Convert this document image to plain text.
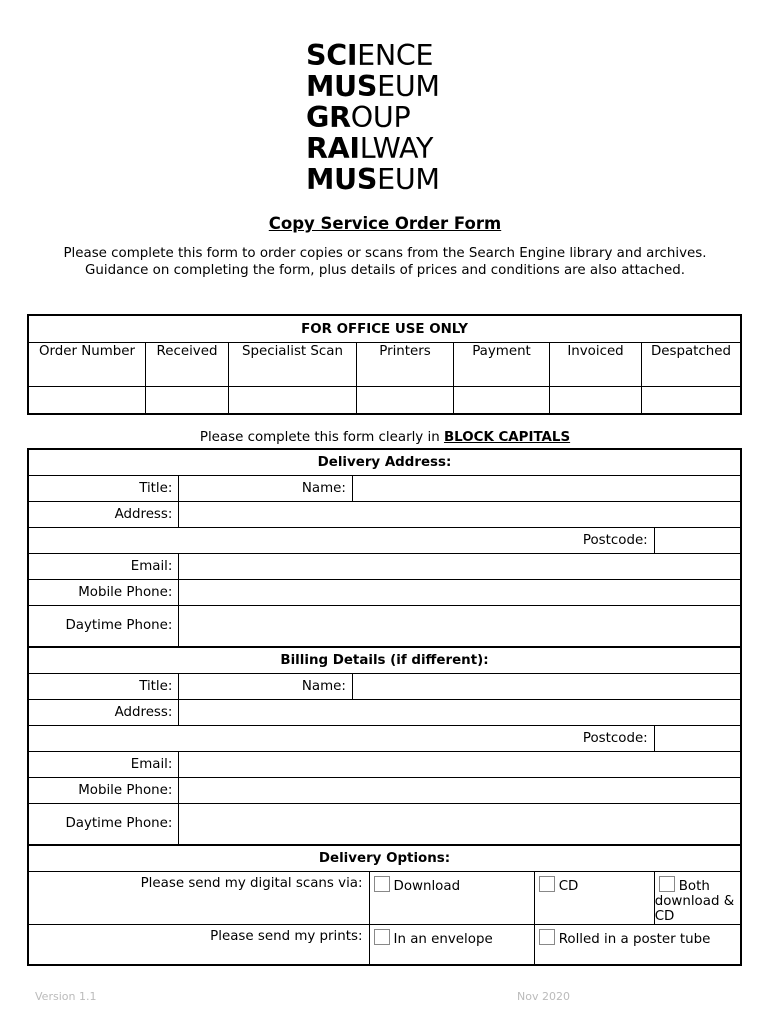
SCIENCE
MUSEUM
GROUP
RAILWAY
MUSEUM
Copy Service Order Form
Please complete this form to order copies or scans from the Search Engine library and archives. Guidance on completing the form, plus details of prices and conditions are also attached.
FOR OFFICE USE ONLY						
Order Number	Received	Specialist Scan	Printers	Payment	Invoiced	Despatched

Please complete this form clearly in BLOCK CAPITALS
Delivery Address:					
Title:	Name:				
Address:					
Postcode:					
Email:					
Mobile Phone:					
Daytime Phone:					
Billing Details (if different):					
Title:	Name:				
Address:					
Postcode:					
Email:					
Mobile Phone:					
Daytime Phone:					
Delivery Options:					
Please send my digital scans via:			Download	CD	Both download & CD
Please send my prints:			In an envelope	Rolled in a poster tube	
Version 1.1	Nov 2020
